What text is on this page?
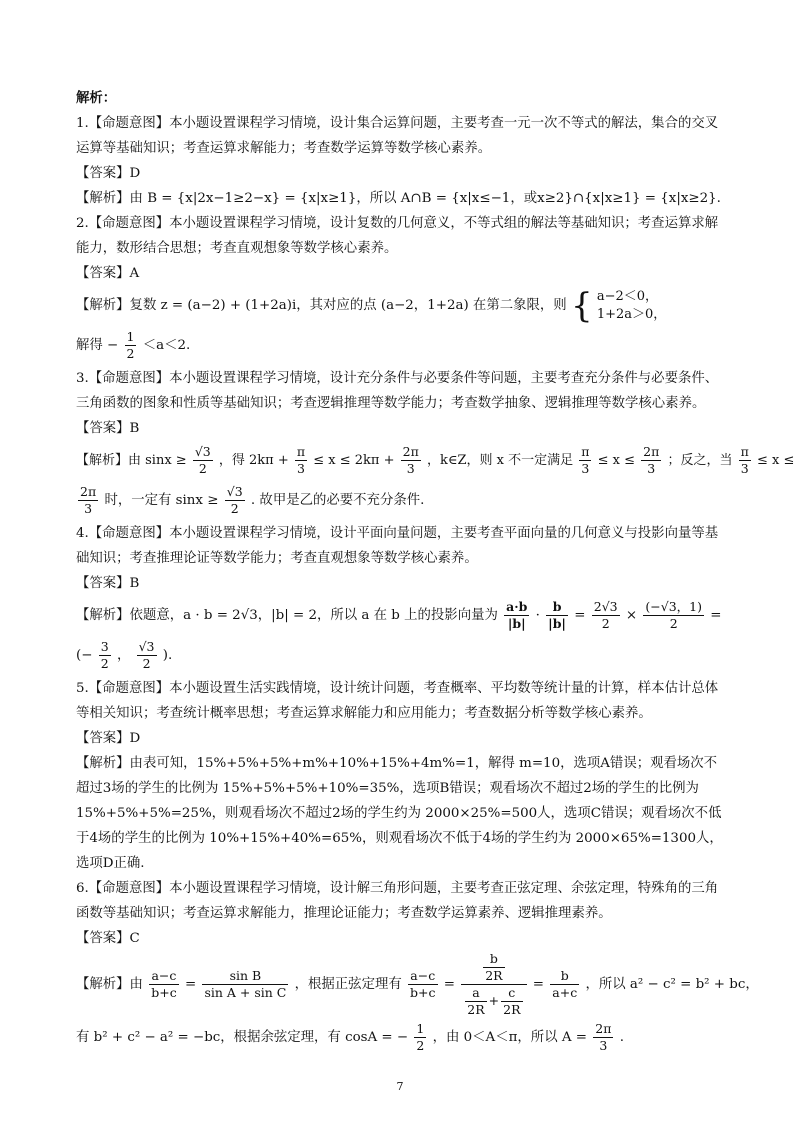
解析：
1.【命题意图】本小题设置课程学习情境，设计集合运算问题，主要考查一元一次不等式的解法，集合的交叉运算等基础知识；考查运算求解能力；考查数学运算等数学核心素养。
【答案】D
【解析】由 B = {x|2x−1≥2−x} = {x|x≥1}，所以 A∩B = {x|x≤−1，或x≥2}∩{x|x≥1} = {x|x≥2}.
2.【命题意图】本小题设置课程学习情境，设计复数的几何意义，不等式组的解法等基础知识；考查运算求解能力，数形结合思想；考查直观想象等数学核心素养。
【答案】A
【解析】复数 z = (a−2) + (1+2a)i，其对应的点 (a−2，1+2a) 在第二象限，则 { a−2＜0，
1+2a＞0，
解得 − $\frac{1}{2} <a<2$.
3.【命题意图】本小题设置课程学习情境，设计充分条件与必要条件等问题，主要考查充分条件与必要条件、三角函数的图象和性质等基础知识；考查逻辑推理等数学能力；考查数学抽象、逻辑推理等数学核心素养。
【答案】B
【解析】由 $\sin x \ge \frac{√3}{2}$ ，得 $2k\pi + \frac{\pi}{3} \le x \le 2k\pi + \frac{2\pi}{3}$ ，k∈Z，则 x 不一定满足 $\frac{\pi}{3} \le x \le \frac{2\pi}{3}$ ；反之，当 $\frac{\pi}{3} \le x$ ≤
$\frac{2\pi}{3}$ 时，一定有 $\sin x \ge \frac{√3}{2}$ . 故甲是乙的必要不充分条件.
4.【命题意图】本小题设置课程学习情境，设计平面向量问题，主要考查平面向量的几何意义与投影向量等基础知识；考查推理论证等数学能力；考查直观想象等数学核心素养。
【答案】B
【解析】依题意，a · b = 2√3，|b| = 2，所以 a 在 b 上的投影向量为 $\frac{a\cdot b}{|b|} \cdot \frac{b}{|b|} = \frac{2√3}{2} \times \frac{(-√3,1)}{2}$ =
(− $\frac{3}{2}$ ， $\frac{√3}{2}$ ).
5.【命题意图】本小题设置生活实践情境，设计统计问题，考查概率、平均数等统计量的计算，样本估计总体等相关知识；考查统计概率思想；考查运算求解能力和应用能力；考查数据分析等数学核心素养。
【答案】D
【解析】由表可知，15%+5%+5%+m%+10%+15%+4m%=1，解得 m=10，选项A错误；观看场次不超过3场的学生的比例为 15%+5%+5%+10%=35%，选项B错误；观看场次不超过2场的学生的比例为 15%+5%+5%=25%，则观看场次不超过2场的学生约为 2000×25%=500人，选项C错误；观看场次不低于4场的学生的比例为 10%+15%+40%=65%，则观看场次不低于4场的学生约为 2000×65%=1300人，选项D正确.
6.【命题意图】本小题设置课程学习情境，设计解三角形问题，主要考查正弦定理、余弦定理，特殊角的三角函数等基础知识；考查运算求解能力，推理论证能力；考查数学运算素养、逻辑推理素养。
【答案】C
【解析】由 $\frac{a-c}{b+c} = \frac{\text{sin B}}{\text{sin A + sin C}}$ ，根据正弦定理有 $\frac{a-c}{b+c} = \frac{\frac{b}{2R}}{\frac{a}{2R} + \frac{c}{2R}} = \frac{b}{a+c}$ ，所以 a² − c² = b² + bc，
有 b² + c² − a² = −bc，根据余弦定理，有 cosA = − $\frac{1}{2}$ ，由 0＜A＜π，所以 $A = \frac{2\pi}{3}$ .
7
